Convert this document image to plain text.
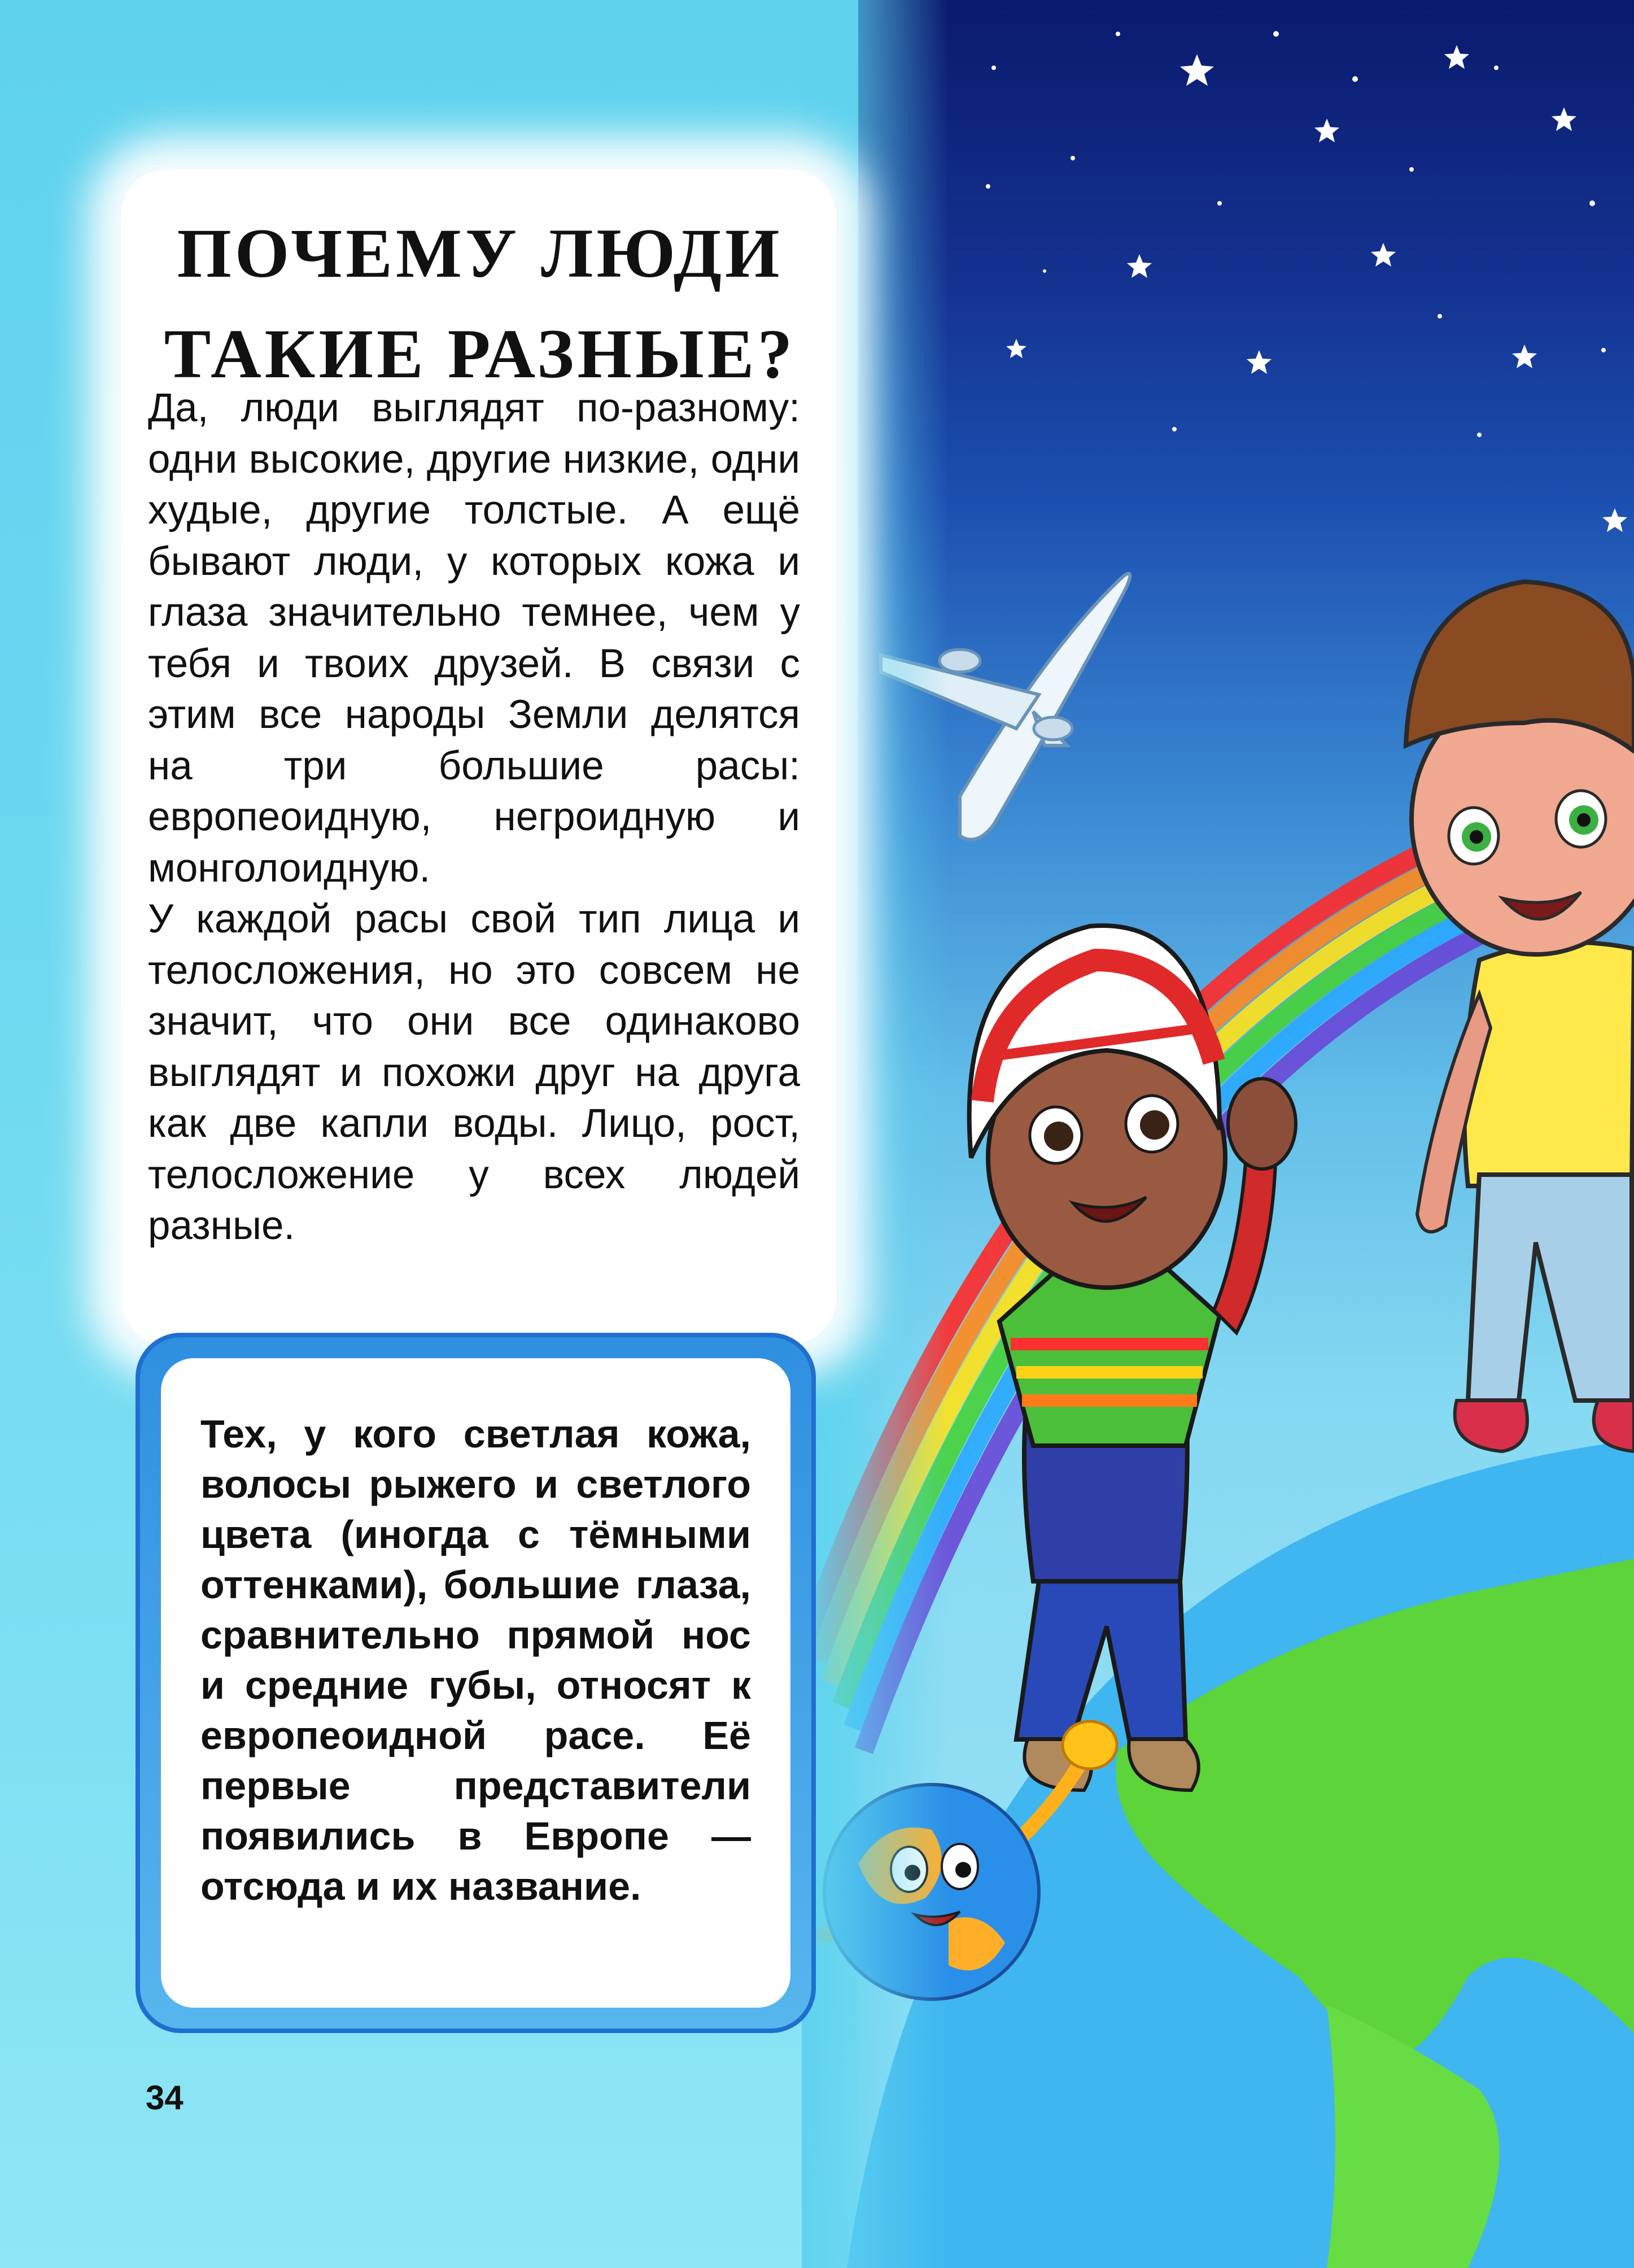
ПОЧЕМУ ЛЮДИ
ТАКИЕ РАЗНЫЕ?

Да, люди выглядят по-разному: одни высокие, другие низкие, одни худые, другие толстые. А ещё бывают люди, у которых кожа и глаза значительно темнее, чем у тебя и твоих друзей. В связи с этим все народы Земли делятся на три большие расы: европеоидную, негроидную и монголоидную.

У каждой расы свой тип лица и телосложения, но это совсем не значит, что они все одинаково выглядят и похожи друг на друга как две капли воды. Лицо, рост, телосложение у всех людей разные.

Тех, у кого светлая кожа, волосы рыжего и светлого цвета (иногда с тёмными оттенками), большие глаза, сравнительно прямой нос и средние губы, относят к европеоидной расе. Её первые представители появились в Европе — отсюда и их название.

34
